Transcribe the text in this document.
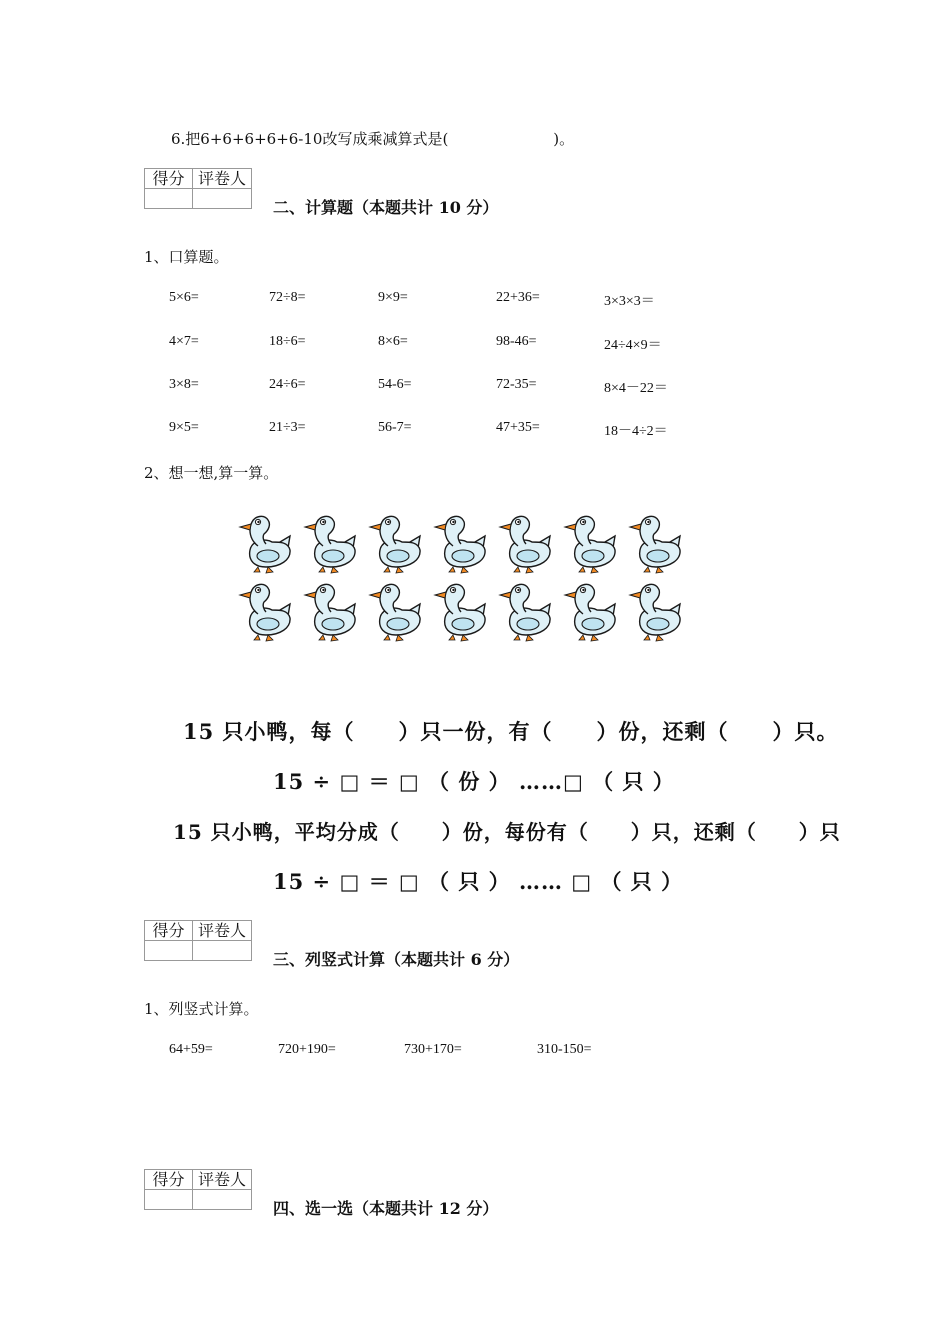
6.把6+6+6+6+6-10改写成乘减算式是(　　　　　　　)。
得分	评卷人

二、计算题（本题共计 10 分）
1、口算题。
5×6=	72÷8=	9×9=	22+36=	3×3×3＝
4×7=	18÷6=	8×6=	98-46=	24÷4×9＝
3×8=	24÷6=	54-6=	72-35=	8×4－22＝
9×5=	21÷3=	56-7=	47+35=	18－4÷2＝
2、想一想,算一算。
15 只小鸭，每（　　）只一份，有（　　）份，还剩（　　）只。
15 ÷ □ ＝ □ （ 份 ） ……□ （ 只 ）
15 只小鸭，平均分成（　　）份，每份有（　　）只，还剩（　　）只
15 ÷ □ ＝ □ （ 只 ） …… □ （ 只 ）
得分	评卷人

三、列竖式计算（本题共计 6 分）
1、列竖式计算。
64+59=	720+190=	730+170=	310-150=
得分	评卷人

四、选一选（本题共计 12 分）
